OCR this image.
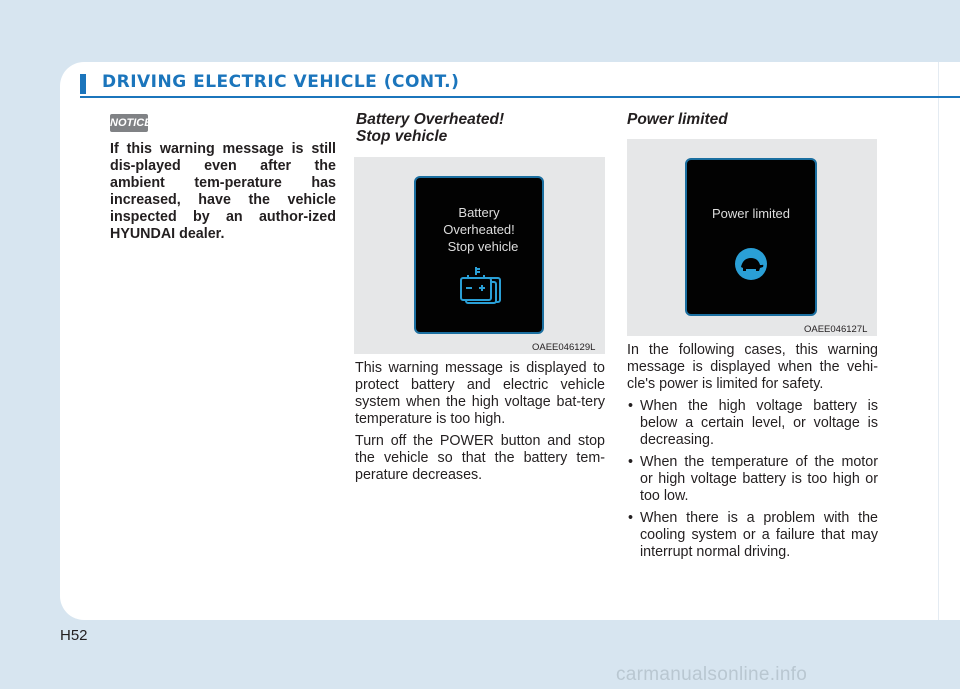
DRIVING ELECTRIC VEHICLE (CONT.)
NOTICE
If this warning message is still dis-played even after the ambient tem-perature has increased, have the vehicle inspected by an author-ized HYUNDAI dealer.
Battery Overheated!
Stop vehicle
Battery
Overheated!
Stop vehicle
OAEE046129L

This warning message is displayed to protect battery and electric vehicle system when the high voltage bat-tery temperature is too high.

Turn off the POWER button and stop the vehicle so that the battery tem-perature decreases.

Power limited
Power limited
OAEE046127L

In the following cases, this warning message is displayed when the vehi-cle's power is limited for safety.

• When the high voltage battery is below a certain level, or voltage is decreasing.
• When the temperature of the motor or high voltage battery is too high or too low.
• When there is a problem with the cooling system or a failure that may interrupt normal driving.
H52
carmanualsonline.info
